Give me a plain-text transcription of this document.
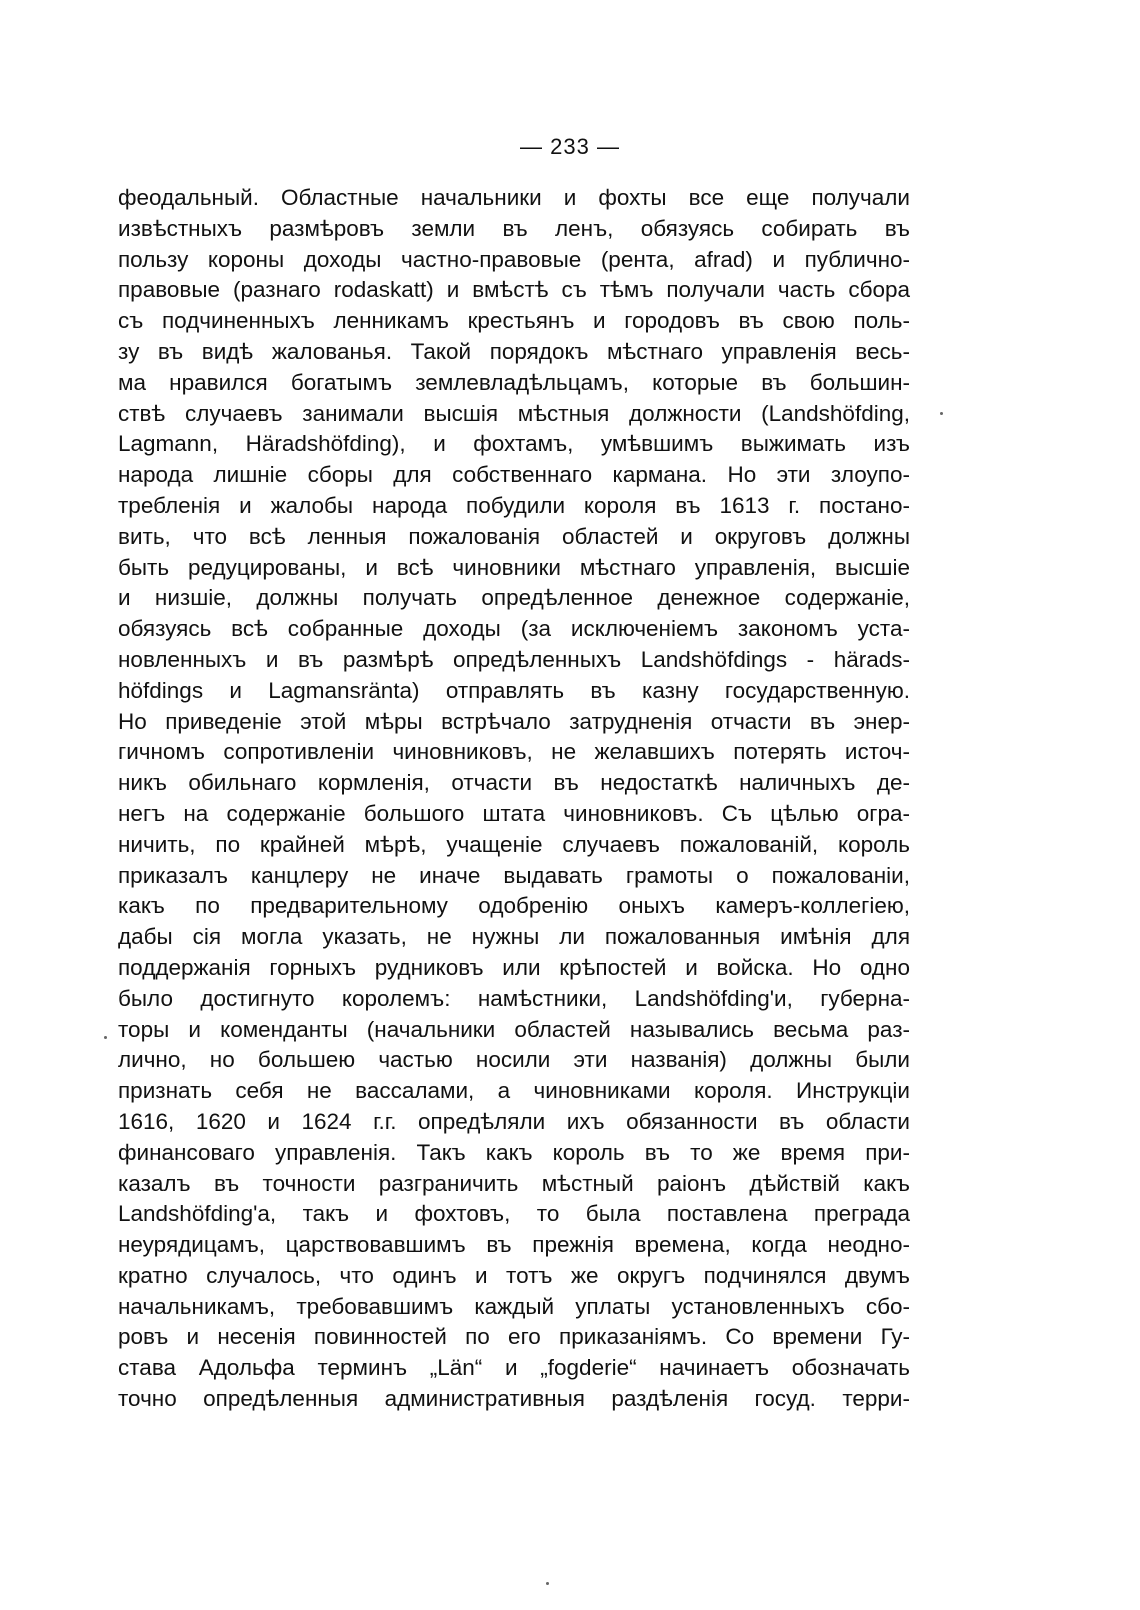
— 233 —
феодальный. Областные начальники и фохты все еще получали
извѣстныхъ размѣровъ земли въ ленъ, обязуясь собирать въ
пользу короны доходы частно-правовые (рента, afrad) и публично-
правовые (разнаго rodaskatt) и вмѣстѣ съ тѣмъ получали часть сбора
съ подчиненныхъ ленникамъ крестьянъ и городовъ въ свою поль-
зу въ видѣ жалованья. Такой порядокъ мѣстнаго управленія весь-
ма нравился богатымъ землевладѣльцамъ, которые въ большин-
ствѣ случаевъ занимали высшія мѣстныя должности (Landshöfding,
Lagmann, Häradshöfding), и фохтамъ, умѣвшимъ выжимать изъ
народа лишніе сборы для собственнаго кармана. Но эти злоупо-
требленія и жалобы народа побудили короля въ 1613 г. постано-
вить, что всѣ ленныя пожалованія областей и округовъ должны
быть редуцированы, и всѣ чиновники мѣстнаго управленія, высшіе
и низшіе, должны получать опредѣленное денежное содержаніе,
обязуясь всѣ собранные доходы (за исключеніемъ закономъ уста-
новленныхъ и въ размѣрѣ опредѣленныхъ Landshöfdings - härads-
höfdings и Lagmansränta) отправлять въ казну государственную.
Но приведеніе этой мѣры встрѣчало затрудненія отчасти въ энер-
гичномъ сопротивленіи чиновниковъ, не желавшихъ потерять источ-
никъ обильнаго кормленія, отчасти въ недостаткѣ наличныхъ де-
негъ на содержаніе большого штата чиновниковъ. Съ цѣлью огра-
ничить, по крайней мѣрѣ, учащеніе случаевъ пожалованій, король
приказалъ канцлеру не иначе выдавать грамоты о пожалованіи,
какъ по предварительному одобренію оныхъ камеръ-коллегіею,
дабы сія могла указать, не нужны ли пожалованныя имѣнія для
поддержанія горныхъ рудниковъ или крѣпостей и войска. Но одно
было достигнуто королемъ: намѣстники, Landshöfding'и, губерна-
торы и коменданты (начальники областей назывались весьма раз-
лично, но большею частью носили эти названія) должны были
признать себя не вассалами, а чиновниками короля. Инструкціи
1616, 1620 и 1624 г.г. опредѣляли ихъ обязанности въ области
финансоваго управленія. Такъ какъ король въ то же время при-
казалъ въ точности разграничить мѣстный раіонъ дѣйствій какъ
Landshöfding'a, такъ и фохтовъ, то была поставлена преграда
неурядицамъ, царствовавшимъ въ прежнія времена, когда неодно-
кратно случалось, что одинъ и тотъ же округъ подчинялся двумъ
начальникамъ, требовавшимъ каждый уплаты установленныхъ сбо-
ровъ и несенія повинностей по его приказаніямъ. Со времени Гу-
става Адольфа терминъ „Län“ и „fogderie“ начинаетъ обозначать
точно опредѣленныя административныя раздѣленія госуд. терри-
